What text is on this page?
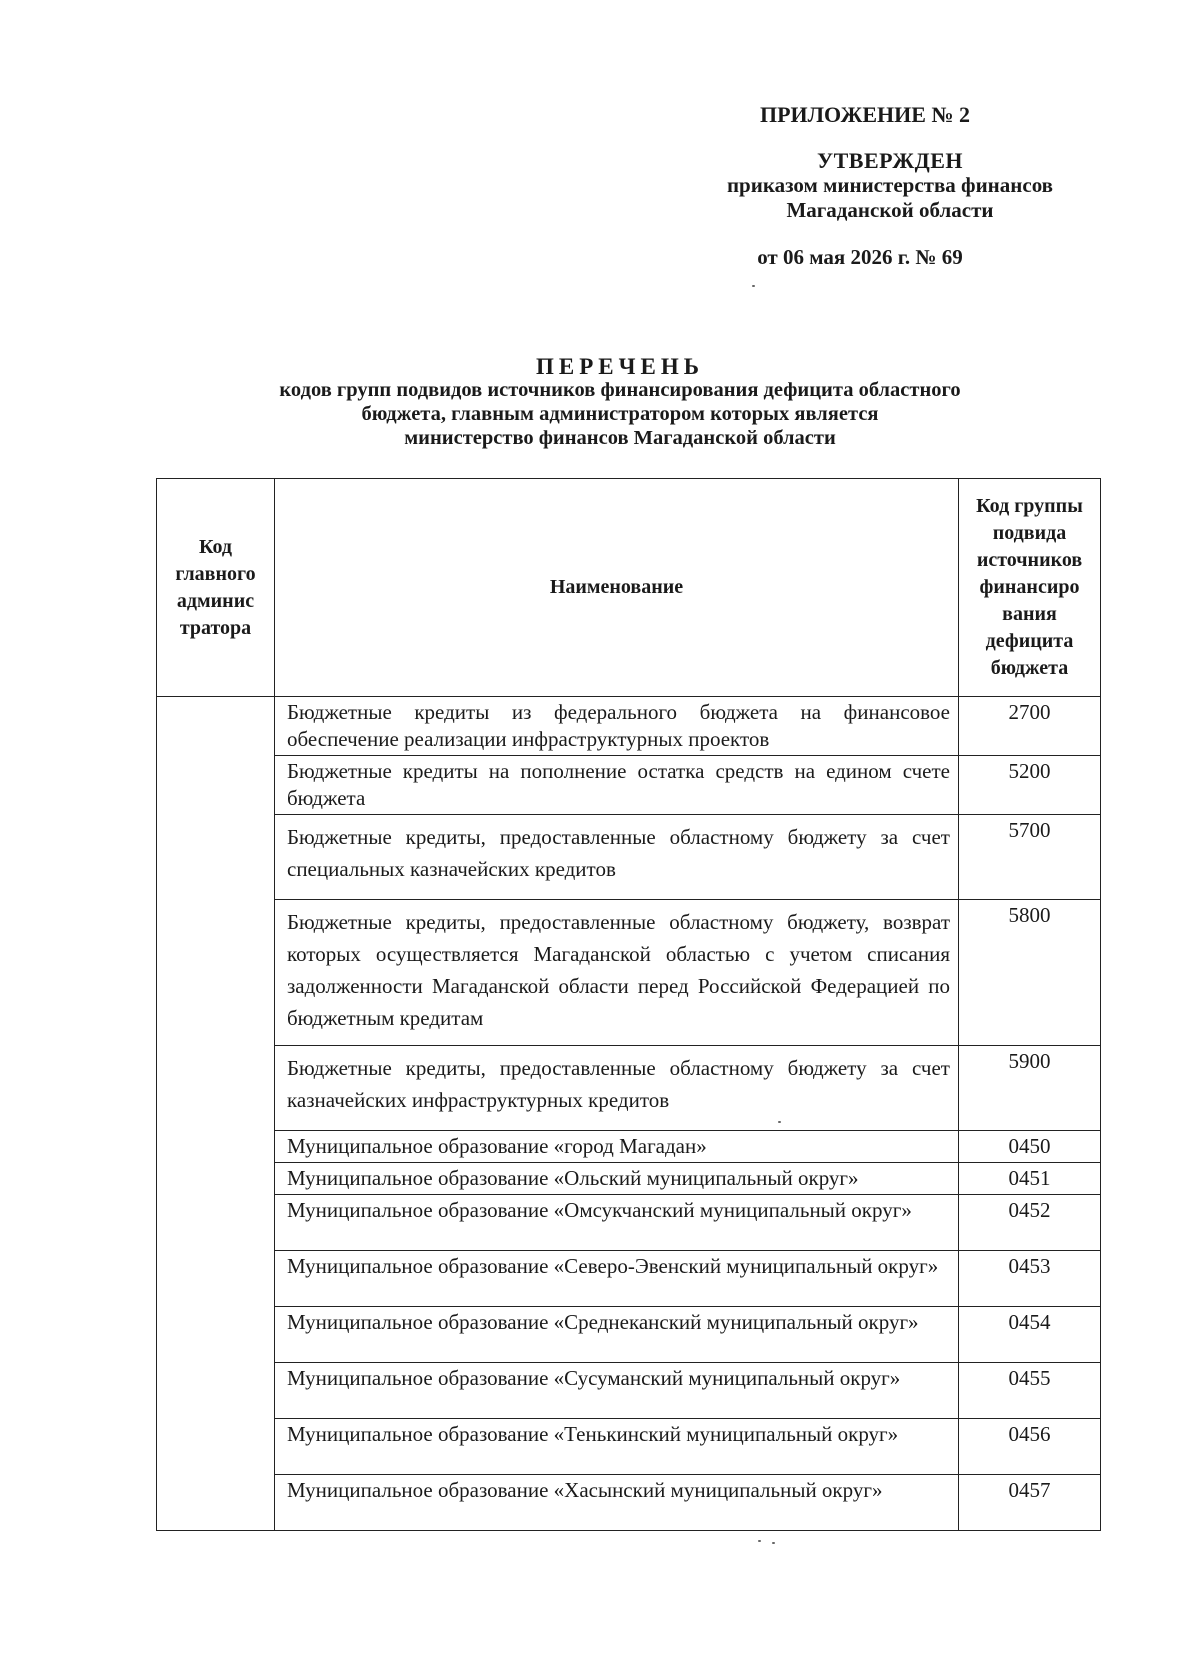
ПРИЛОЖЕНИЕ № 2
УТВЕРЖДЕН
приказом министерства финансов
Магаданской области
от 06 мая 2026 г. № 69
ПЕРЕЧЕНЬ
кодов групп подвидов источников финансирования дефицита областного
бюджета, главным администратором которых является
министерство финансов Магаданской области
Код главного админис тратора	Наименование	Код группы подвида источников финансиро вания дефицита бюджета
	Бюджетные кредиты из федерального бюджета на финансовое обеспечение реализации инфраструктурных проектов	2700
	Бюджетные кредиты на пополнение остатка средств на едином счете бюджета	5200
	Бюджетные кредиты, предоставленные областному бюджету за счет специальных казначейских кредитов	5700
	Бюджетные кредиты, предоставленные областному бюджету, возврат которых осуществляется Магаданской областью с учетом списания задолженности Магаданской области перед Российской Федерацией по бюджетным кредитам	5800
	Бюджетные кредиты, предоставленные областному бюджету за счет казначейских инфраструктурных кредитов	5900
	Муниципальное образование «город Магадан»	0450
	Муниципальное образование «Ольский муниципальный округ»	0451
	Муниципальное образование «Омсукчанский муниципальный округ»	0452
	Муниципальное образование «Северо-Эвенский муниципальный округ»	0453
	Муниципальное образование «Среднеканский муниципальный округ»	0454
	Муниципальное образование «Сусуманский муниципальный округ»	0455
	Муниципальное образование «Тенькинский муниципальный округ»	0456
	Муниципальное образование «Хасынский муниципальный округ»	0457
